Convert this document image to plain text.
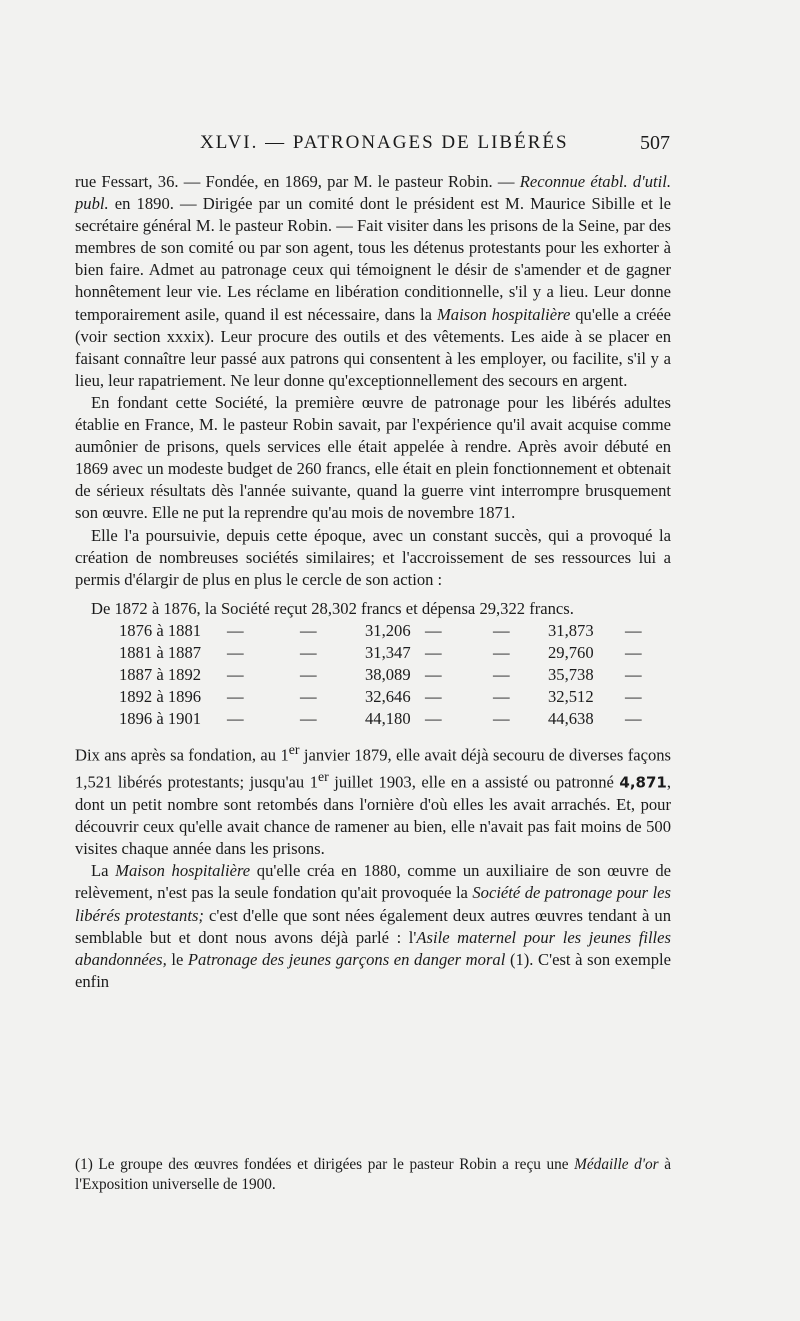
XLVI. — PATRONAGES DE LIBÉRÉS	507

rue Fessart, 36. — Fondée, en 1869, par M. le pasteur Robin. — Reconnue établ. d'util. publ. en 1890. — Dirigée par un comité dont le président est M. Maurice Sibille et le secrétaire général M. le pasteur Robin. — Fait visiter dans les prisons de la Seine, par des membres de son comité ou par son agent, tous les détenus protestants pour les exhorter à bien faire. Admet au patronage ceux qui témoignent le désir de s'amender et de gagner honnêtement leur vie. Les réclame en libération conditionnelle, s'il y a lieu. Leur donne temporairement asile, quand il est nécessaire, dans la Maison hospitalière qu'elle a créée (voir section xxxix). Leur procure des outils et des vêtements. Les aide à se placer en faisant connaître leur passé aux patrons qui consentent à les employer, ou facilite, s'il y a lieu, leur rapatriement. Ne leur donne qu'exceptionnellement des secours en argent.

En fondant cette Société, la première œuvre de patronage pour les libérés adultes établie en France, M. le pasteur Robin savait, par l'expérience qu'il avait acquise comme aumônier de prisons, quels services elle était appelée à rendre. Après avoir débuté en 1869 avec un modeste budget de 260 francs, elle était en plein fonctionnement et obtenait de sérieux résultats dès l'année suivante, quand la guerre vint interrompre brusquement son œuvre. Elle ne put la reprendre qu'au mois de novembre 1871.

Elle l'a poursuivie, depuis cette époque, avec un constant succès, qui a provoqué la création de nombreuses sociétés similaires; et l'accroissement de ses ressources lui a permis d'élargir de plus en plus le cercle de son action :

De 1872 à 1876, la Société reçut 28,302 francs et dépensa 29,322 francs.
1876 à 1881 —	—	31,206 —	— 31,873 —
1881 à 1887 —	—	31,347 —	— 29,760 —
1887 à 1892 —	—	38,089 —	— 35,738 —
1892 à 1896 —	—	32,646 —	— 32,512 —
1896 à 1901 —	—	44,180 —	— 44,638 —

Dix ans après sa fondation, au 1er janvier 1879, elle avait déjà secouru de diverses façons 1,521 libérés protestants; jusqu'au 1er juillet 1903, elle en a assisté ou patronné 4,871, dont un petit nombre sont retombés dans l'ornière d'où elles les avait arrachés. Et, pour découvrir ceux qu'elle avait chance de ramener au bien, elle n'avait pas fait moins de 500 visites chaque année dans les prisons.

La Maison hospitalière qu'elle créa en 1880, comme un auxiliaire de son œuvre de relèvement, n'est pas la seule fondation qu'ait provoquée la Société de patronage pour les libérés protestants; c'est d'elle que sont nées également deux autres œuvres tendant à un semblable but et dont nous avons déjà parlé : l'Asile maternel pour les jeunes filles abandonnées, le Patronage des jeunes garçons en danger moral (1). C'est à son exemple enfin

(1) Le groupe des œuvres fondées et dirigées par le pasteur Robin a reçu une Médaille d'or à l'Exposition universelle de 1900.
